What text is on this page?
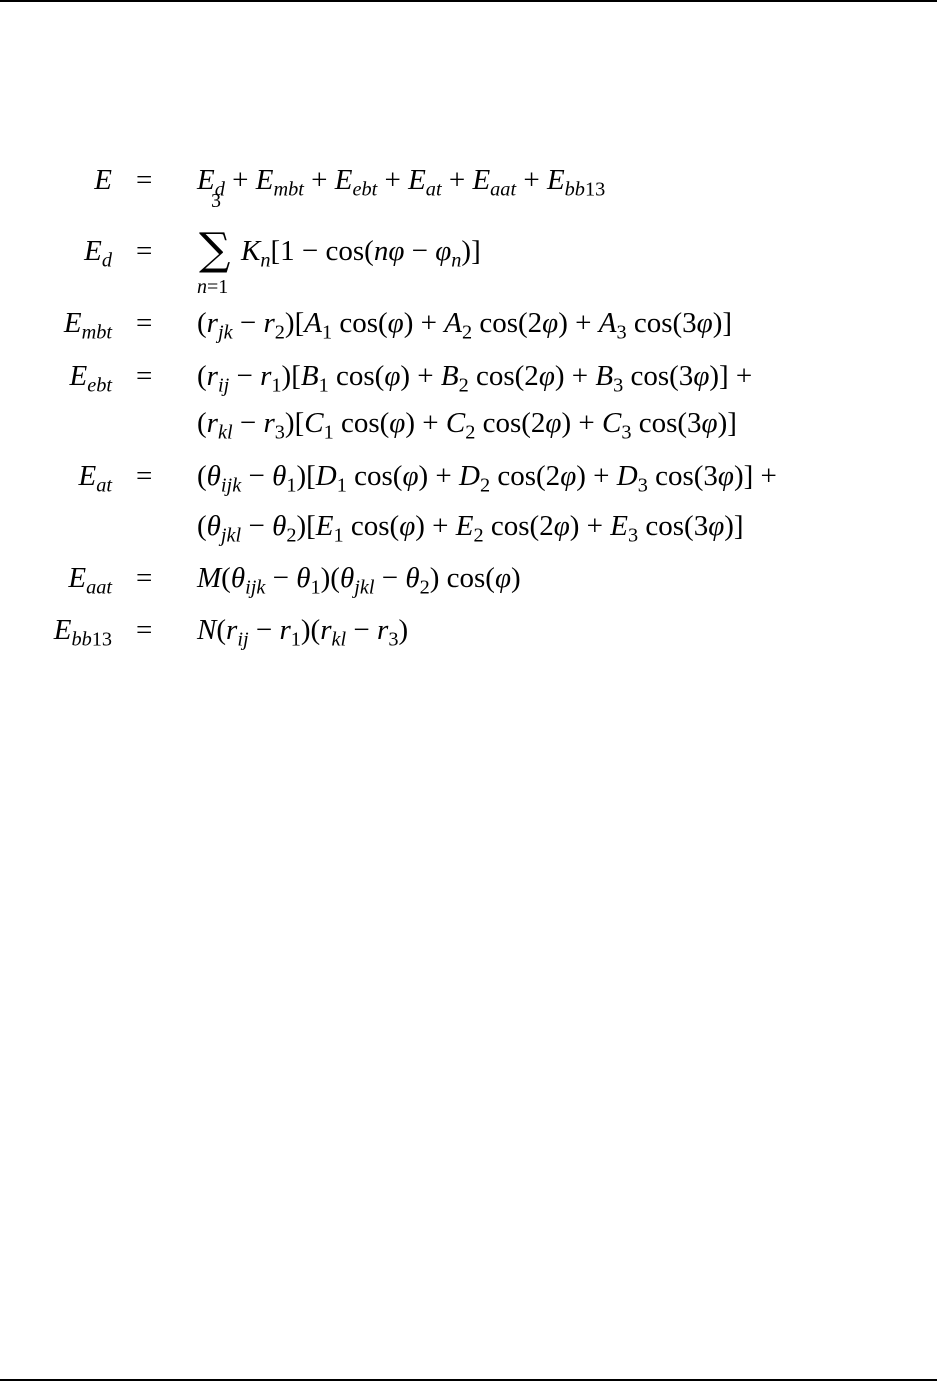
$E = E_d + E_{mbt} + E_{ebt} + E_{at} + E_{aat} + E_{bb13}$
$E_d$ =
3
∑
n=1
$K_n[1 - \cos(n\varphi - \varphi_n)]$
$E_{mbt} = (r_{jk} - r_2)[A_1$ $\cos(\varphi) + A_2$ $\cos(2\varphi) + A_3$ cos(3φ)]
$E_{ebt} = (r_{ij} - r_1)[B_1$ $\cos(\varphi) + B_2$ $\cos(2\varphi) + B_3$ cos(3φ)] +
$(r_{kl} - r_3)[C_1$ $\cos(\varphi) + C_2$ $\cos(2\varphi) + C_3$ cos(3φ)]
$E_{at} = (\theta_{ijk} - \theta_1)[D_1$ $\cos(\varphi) + D_2$ $\cos(2\varphi) + D_3$ cos(3φ)] +
$(\theta_{jkl} - \theta_2)[E_1$ $\cos(\varphi) + E_2$ $\cos(2\varphi) + E_3$ cos(3φ)]
$E_{aat} = M(\theta_{ijk} - \theta_1)(\theta_{jkl} - \theta_2)$ cos(φ)
$E_{bb13} = N(r_{ij} - r_1)(r_{kl} - r_3)$
